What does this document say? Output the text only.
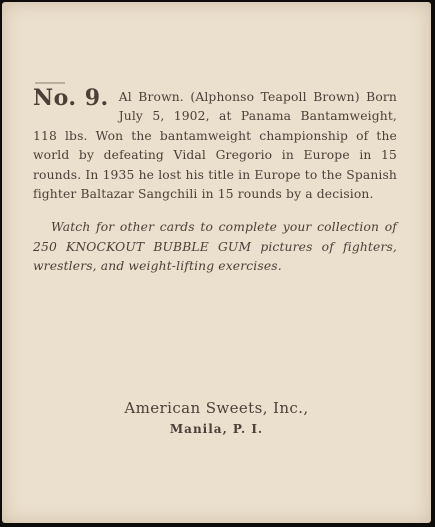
No. 9. Al Brown. (Alphonso Teapoll Brown) Born July 5, 1902, at Panama Bantamweight, 118 lbs. Won the bantamweight championship of the world by defeating Vidal Gregorio in Europe in 15 rounds. In 1935 he lost his title in Europe to the Spanish fighter Baltazar Sangchili in 15 rounds by a decision.

Watch for other cards to complete your collection of 250 KNOCKOUT BUBBLE GUM pictures of fighters, wrestlers, and weight-lifting exercises.

American Sweets, Inc.,
Manila, P. I.
